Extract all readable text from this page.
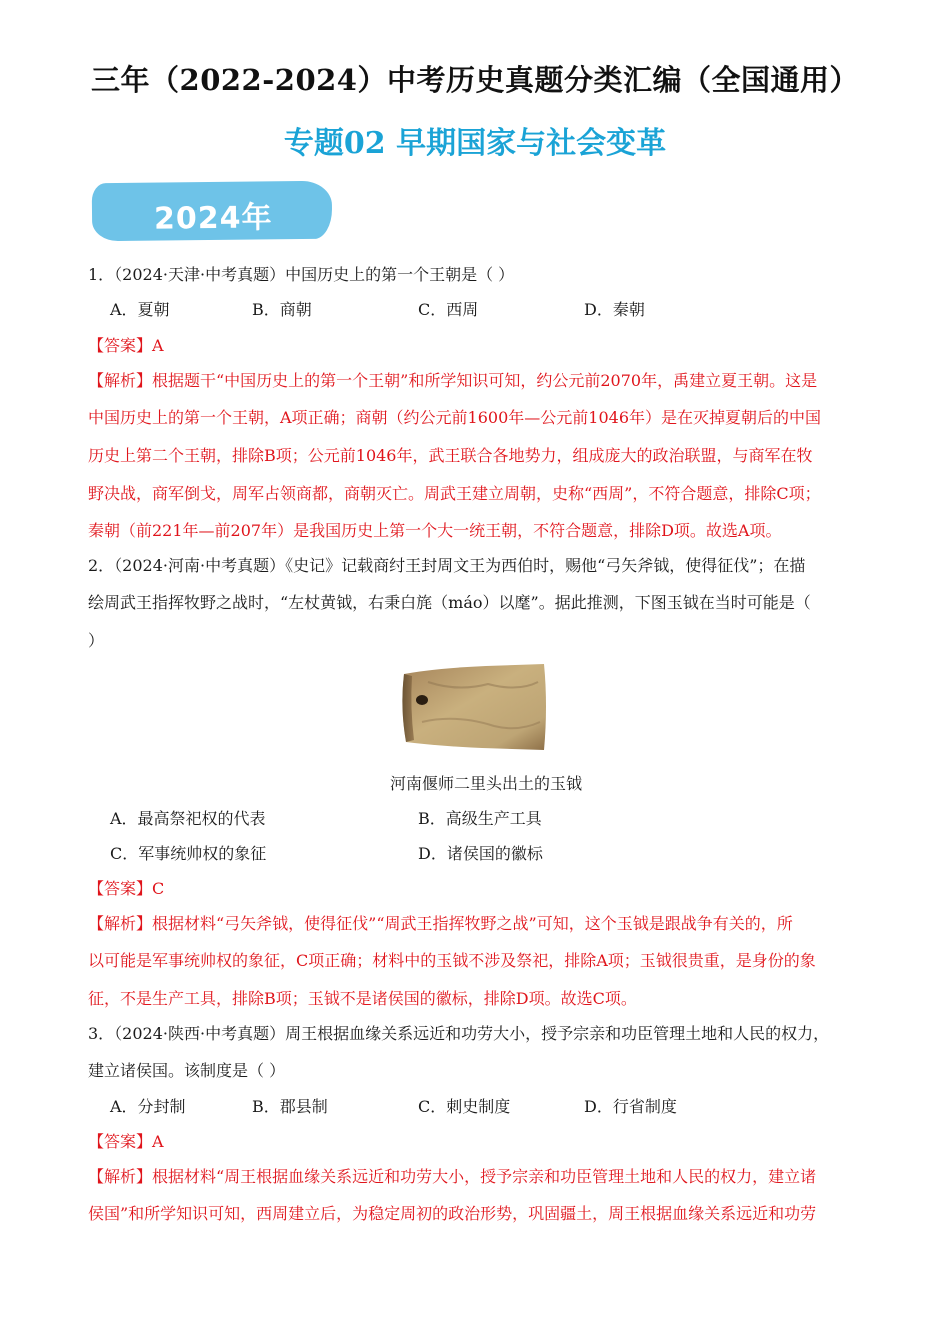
三年（2022-2024）中考历史真题分类汇编（全国通用）
专题02 早期国家与社会变革
2024年
1．（2024·天津·中考真题）中国历史上的第一个王朝是（ ）
A．夏朝	B．商朝	C．西周	D．秦朝
【答案】A
【解析】根据题干“中国历史上的第一个王朝”和所学知识可知，约公元前2070年，禹建立夏王朝。这是
中国历史上的第一个王朝，A项正确；商朝（约公元前1600年—公元前1046年）是在灭掉夏朝后的中国
历史上第二个王朝，排除B项；公元前1046年，武王联合各地势力，组成庞大的政治联盟，与商军在牧
野决战，商军倒戈，周军占领商都，商朝灭亡。周武王建立周朝，史称“西周”，不符合题意，排除C项；
秦朝（前221年—前207年）是我国历史上第一个大一统王朝，不符合题意，排除D项。故选A项。
2．（2024·河南·中考真题）《史记》记载商纣王封周文王为西伯时，赐他“弓矢斧钺，使得征伐”；在描
绘周武王指挥牧野之战时，“左杖黄钺，右秉白旄（máo）以麾”。据此推测，下图玉钺在当时可能是（
）
河南偃师二里头出土的玉钺
A．最高祭祀权的代表	B．高级生产工具
C．军事统帅权的象征	D．诸侯国的徽标
【答案】C
【解析】根据材料“弓矢斧钺，使得征伐”“周武王指挥牧野之战”可知，这个玉钺是跟战争有关的，所
以可能是军事统帅权的象征，C项正确；材料中的玉钺不涉及祭祀，排除A项；玉钺很贵重，是身份的象
征，不是生产工具，排除B项；玉钺不是诸侯国的徽标，排除D项。故选C项。
3．（2024·陕西·中考真题）周王根据血缘关系远近和功劳大小，授予宗亲和功臣管理土地和人民的权力，
建立诸侯国。该制度是（ ）
A．分封制	B．郡县制	C．刺史制度	D．行省制度
【答案】A
【解析】根据材料“周王根据血缘关系远近和功劳大小，授予宗亲和功臣管理土地和人民的权力，建立诸
侯国”和所学知识可知，西周建立后，为稳定周初的政治形势，巩固疆土，周王根据血缘关系远近和功劳
